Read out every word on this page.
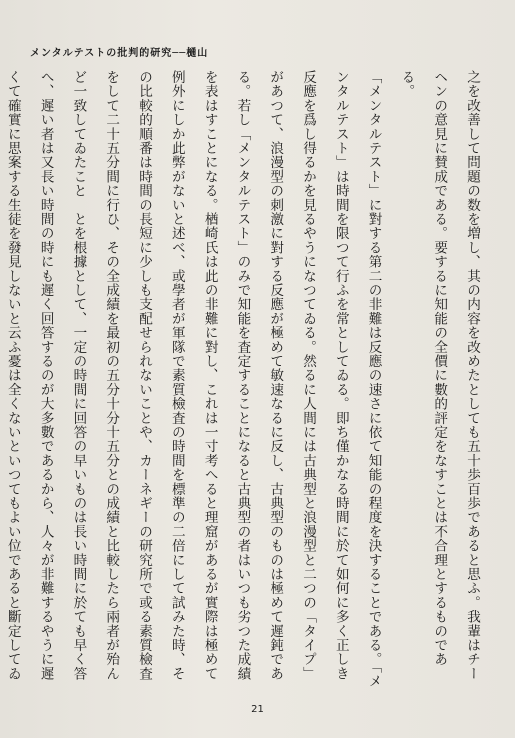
メンタルテストの批判的研究──樋山

之を改善して問題の数を増し、其の内容を改めたとしても五十歩百歩であると思ふ。我輩はチーヘンの意見に賛成である。要するに知能の全價に數的評定をなすことは不合理とするものである。

「メンタルテスト」に對する第二の非難は反應の速さに依て知能の程度を決することである。「メンタルテスト」は時間を限つて行ふを常としてゐる。即ち僅かなる時間に於て如何に多く正しき反應を爲し得るかを見るやうになつてゐる。然るに人間には古典型と浪漫型と二つの「タイプ」があつて、浪漫型の刺激に對する反應が極めて敏速なるに反し、古典型のものは極めて遲鈍である。若し「メンタルテスト」のみで知能を査定することになると古典型の者はいつも劣つた成績を表はすことになる。楢崎氏は此の非難に對し、これは一寸考へると理窟があるが實際は極めて例外にしか此弊がないと述べ、或學者が軍隊で素質檢査の時間を標準の二倍にして試みた時、その比較的順番は時間の長短に少しも支配せられないことや、カーネギーの研究所で或る素質檢査をして二十五分間に行ひ、その全成績を最初の五分十分十五分との成績と比較したら兩者が殆んど一致してゐたこと　とを根據として、一定の時間に回答の早いものは長い時間に於ても早く答へ、遲い者は又長い時間の時にも遲く回答するのが大多數であるから、人々が非難するやうに遲くて確實に思案する生徒を發見しないと云ふ憂は全くないといつてもよい位であると斷定してゐ

21
